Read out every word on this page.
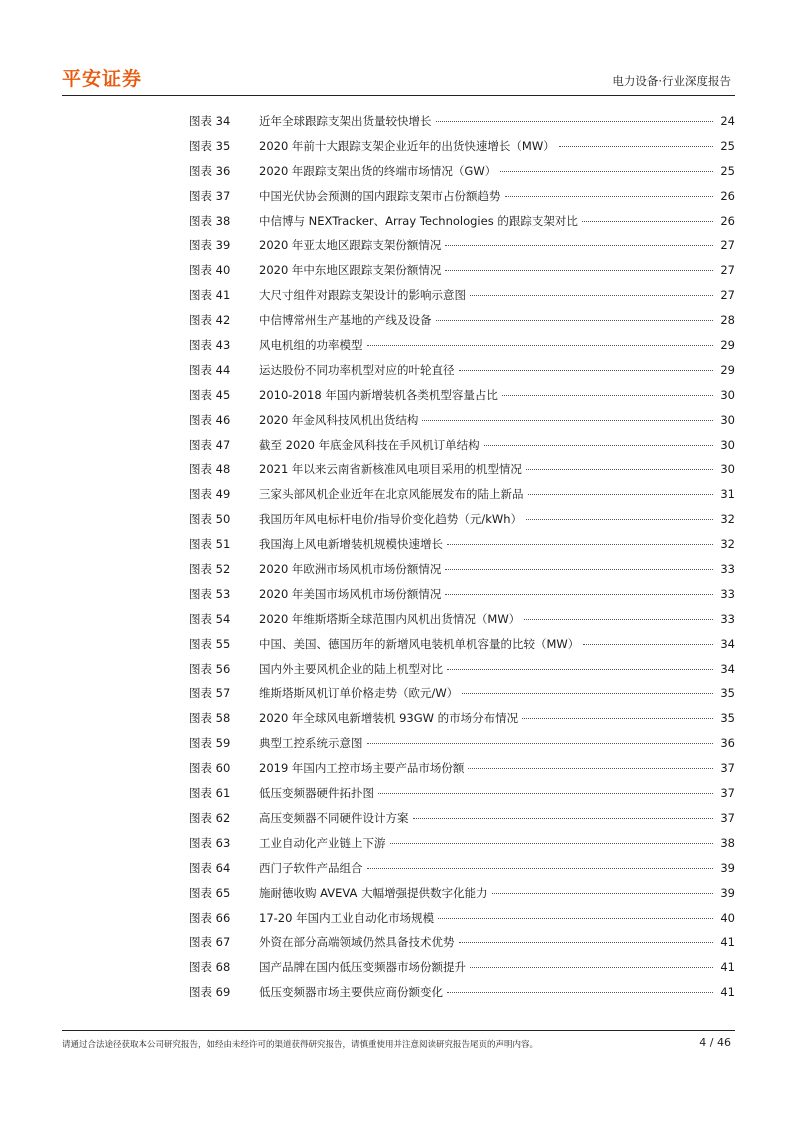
平安证券	电力设备·行业深度报告
图表 34	近年全球跟踪支架出货量较快增长	24
图表 35	2020 年前十大跟踪支架企业近年的出货快速增长（MW）	25
图表 36	2020 年跟踪支架出货的终端市场情况（GW）	25
图表 37	中国光伏协会预测的国内跟踪支架市占份额趋势	26
图表 38	中信博与 NEXTracker、Array Technologies 的跟踪支架对比	26
图表 39	2020 年亚太地区跟踪支架份额情况	27
图表 40	2020 年中东地区跟踪支架份额情况	27
图表 41	大尺寸组件对跟踪支架设计的影响示意图	27
图表 42	中信博常州生产基地的产线及设备	28
图表 43	风电机组的功率模型	29
图表 44	运达股份不同功率机型对应的叶轮直径	29
图表 45	2010-2018 年国内新增装机各类机型容量占比	30
图表 46	2020 年金风科技风机出货结构	30
图表 47	截至 2020 年底金风科技在手风机订单结构	30
图表 48	2021 年以来云南省新核准风电项目采用的机型情况	30
图表 49	三家头部风机企业近年在北京风能展发布的陆上新品	31
图表 50	我国历年风电标杆电价/指导价变化趋势（元/kWh）	32
图表 51	我国海上风电新增装机规模快速增长	32
图表 52	2020 年欧洲市场风机市场份额情况	33
图表 53	2020 年美国市场风机市场份额情况	33
图表 54	2020 年维斯塔斯全球范围内风机出货情况（MW）	33
图表 55	中国、美国、德国历年的新增风电装机单机容量的比较（MW）	34
图表 56	国内外主要风机企业的陆上机型对比	34
图表 57	维斯塔斯风机订单价格走势（欧元/W）	35
图表 58	2020 年全球风电新增装机 93GW 的市场分布情况	35
图表 59	典型工控系统示意图	36
图表 60	2019 年国内工控市场主要产品市场份额	37
图表 61	低压变频器硬件拓扑图	37
图表 62	高压变频器不同硬件设计方案	37
图表 63	工业自动化产业链上下游	38
图表 64	西门子软件产品组合	39
图表 65	施耐德收购 AVEVA 大幅增强提供数字化能力	39
图表 66	17-20 年国内工业自动化市场规模	40
图表 67	外资在部分高端领域仍然具备技术优势	41
图表 68	国产品牌在国内低压变频器市场份额提升	41
图表 69	低压变频器市场主要供应商份额变化	41
请通过合法途径获取本公司研究报告，如经由未经许可的渠道获得研究报告，请慎重使用并注意阅读研究报告尾页的声明内容。	4 / 46
